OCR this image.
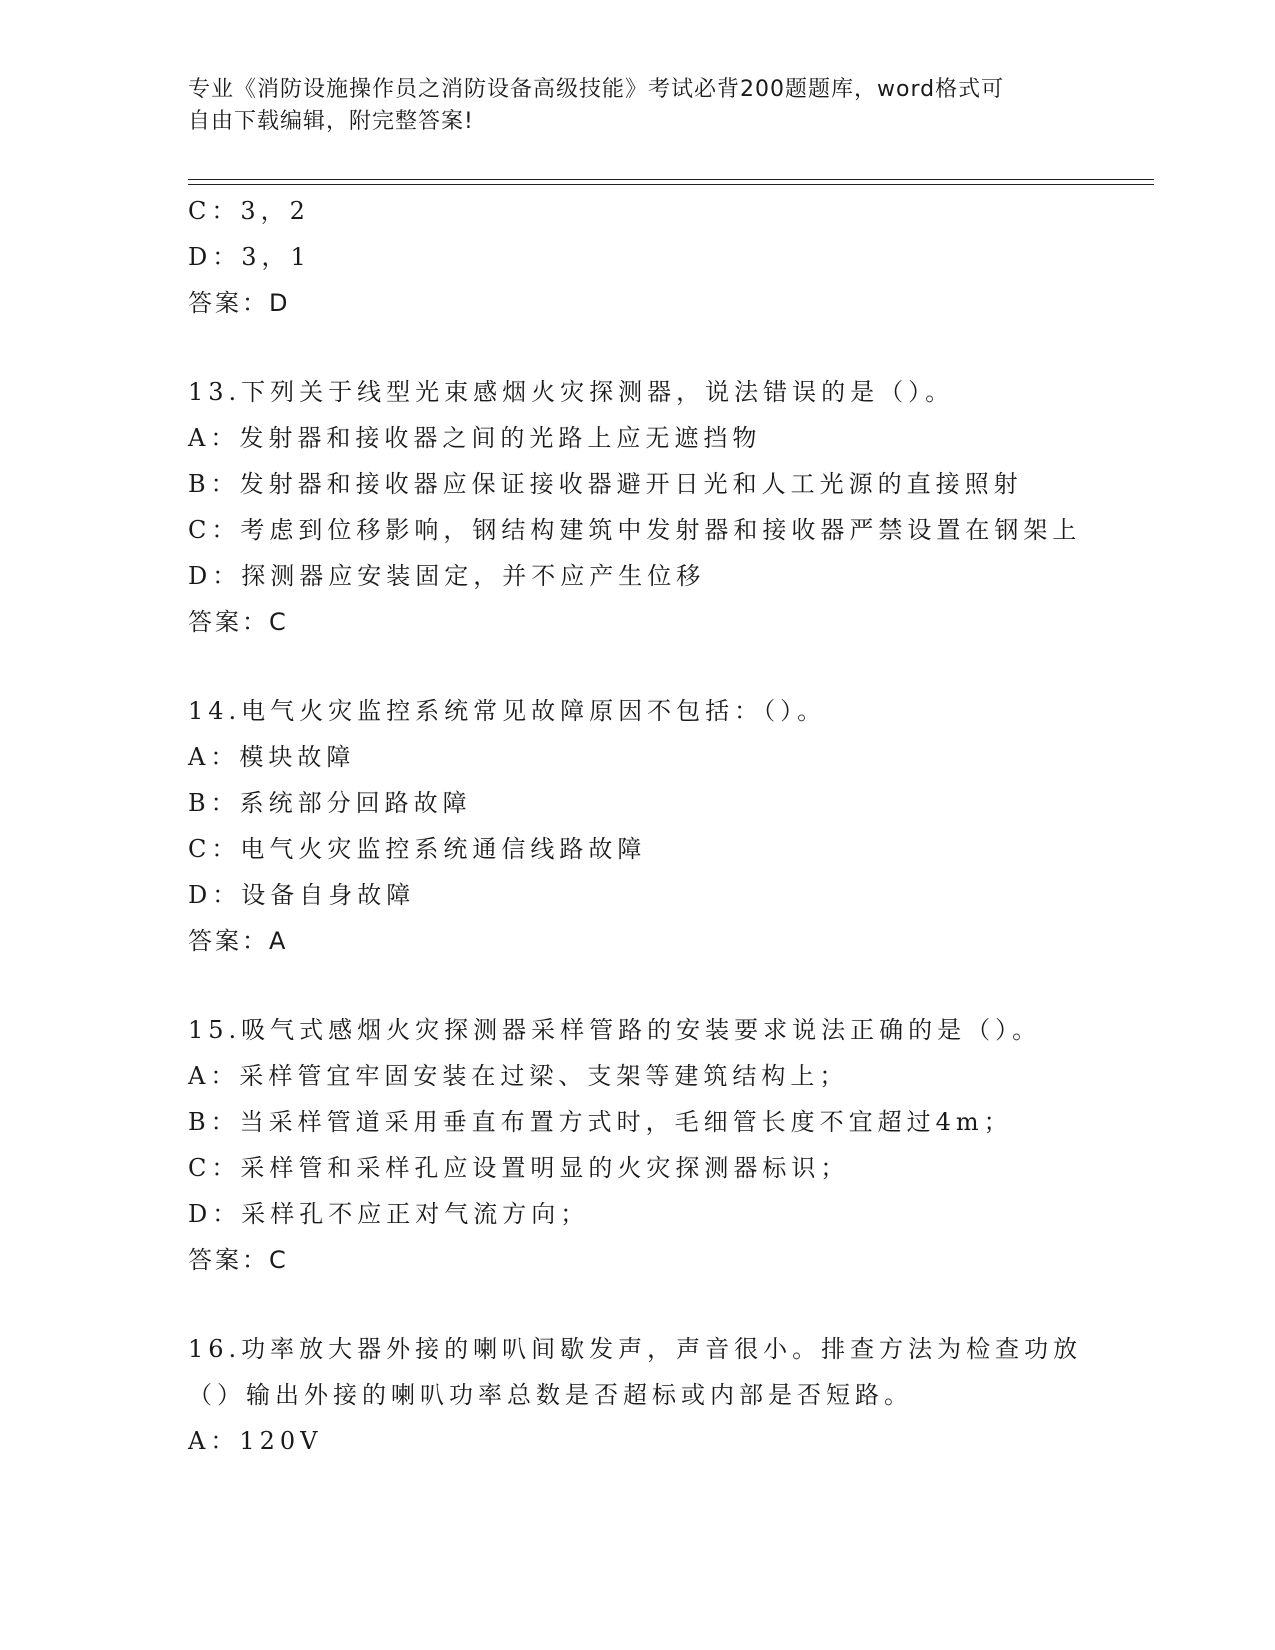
专业《消防设施操作员之消防设备高级技能》考试必背200题题库，word格式可
自由下载编辑，附完整答案!
C：3，2
D：3，1
答案：D
13.下列关于线型光束感烟火灾探测器，说法错误的是（）。
A：发射器和接收器之间的光路上应无遮挡物
B：发射器和接收器应保证接收器避开日光和人工光源的直接照射
C：考虑到位移影响，钢结构建筑中发射器和接收器严禁设置在钢架上
D：探测器应安装固定，并不应产生位移
答案：C
14.电气火灾监控系统常见故障原因不包括：（）。
A：模块故障
B：系统部分回路故障
C：电气火灾监控系统通信线路故障
D：设备自身故障
答案：A
15.吸气式感烟火灾探测器采样管路的安装要求说法正确的是（）。
A：采样管宜牢固安装在过梁、支架等建筑结构上；
B：当采样管道采用垂直布置方式时，毛细管长度不宜超过4m；
C：采样管和采样孔应设置明显的火灾探测器标识；
D：采样孔不应正对气流方向；
答案：C
16.功率放大器外接的喇叭间歇发声，声音很小。排查方法为检查功放
（）输出外接的喇叭功率总数是否超标或内部是否短路。
A：120V
